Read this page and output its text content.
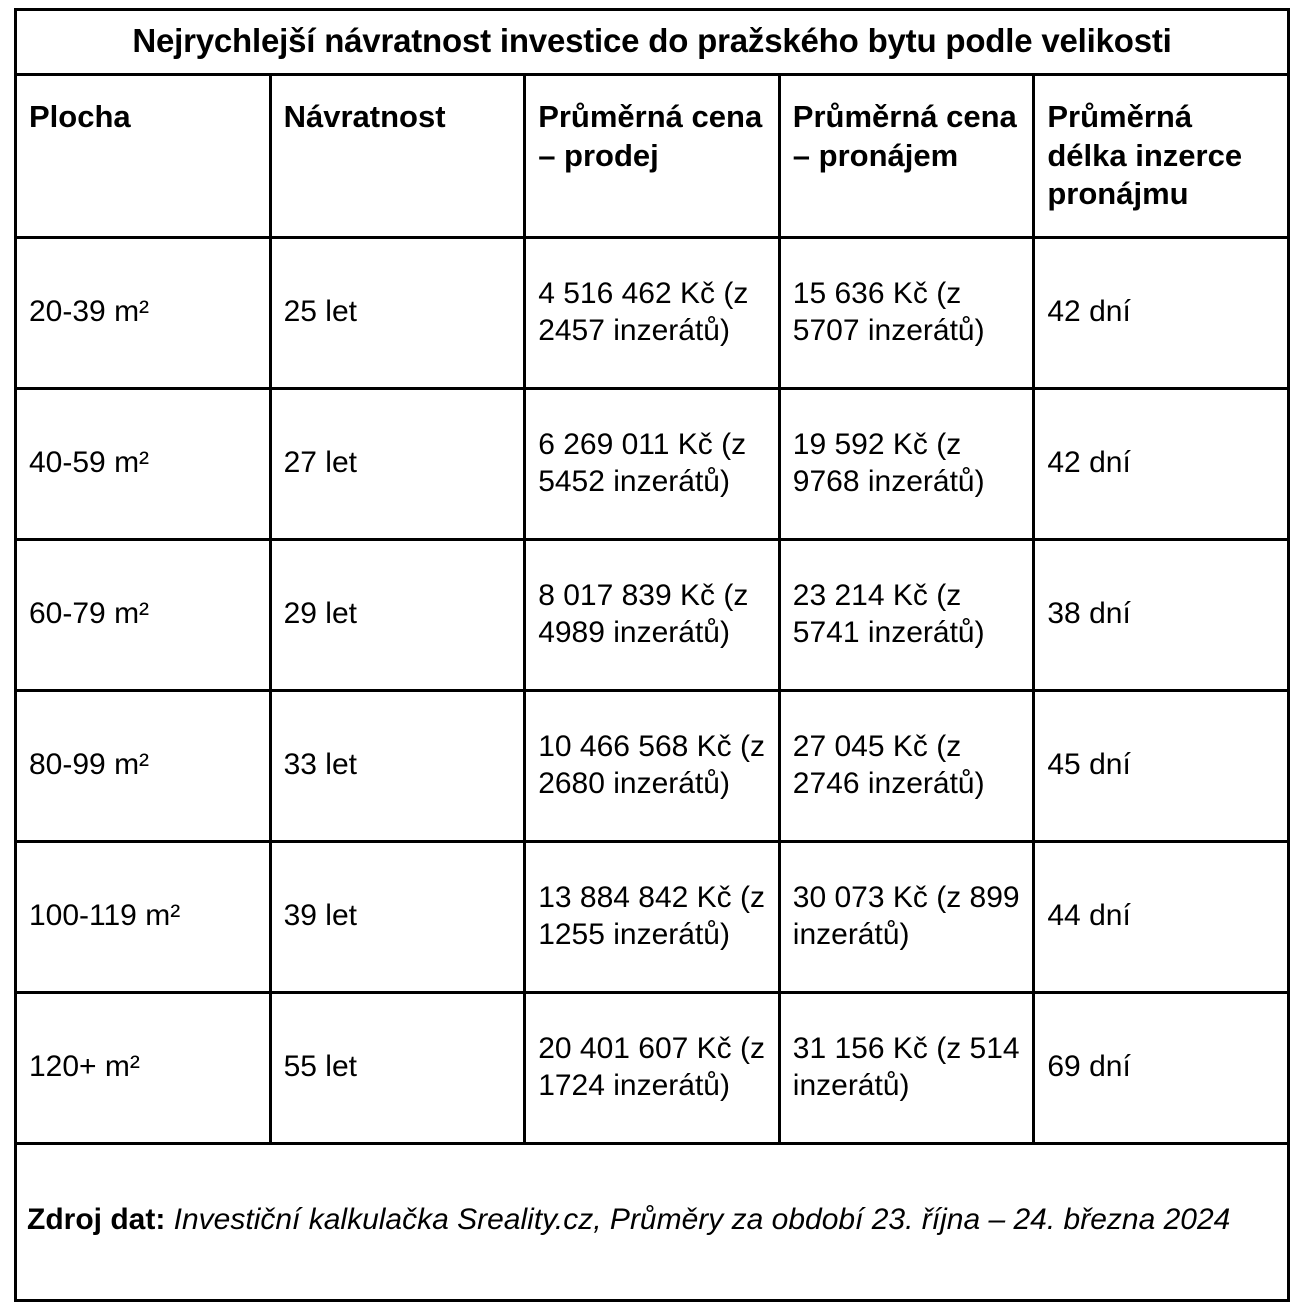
Nejrychlejší návratnost investice do pražského bytu podle velikosti				
Plocha	Návratnost	Průměrná cena – prodej	Průměrná cena – pronájem	Průměrná délka inzerce pronájmu
20-39 m²	25 let	4 516 462 Kč (z 2457 inzerátů)	15 636 Kč (z 5707 inzerátů)	42 dní
40-59 m²	27 let	6 269 011 Kč (z 5452 inzerátů)	19 592 Kč (z 9768 inzerátů)	42 dní
60-79 m²	29 let	8 017 839 Kč (z 4989 inzerátů)	23 214 Kč (z 5741 inzerátů)	38 dní
80-99 m²	33 let	10 466 568 Kč (z 2680 inzerátů)	27 045 Kč (z 2746 inzerátů)	45 dní
100-119 m²	39 let	13 884 842 Kč (z 1255 inzerátů)	30 073 Kč (z 899 inzerátů)	44 dní
120+ m²	55 let	20 401 607 Kč (z 1724 inzerátů)	31 156 Kč (z 514 inzerátů)	69 dní
Zdroj dat: Investiční kalkulačka Sreality.cz, Průměry za období 23. října – 24. března 2024				
